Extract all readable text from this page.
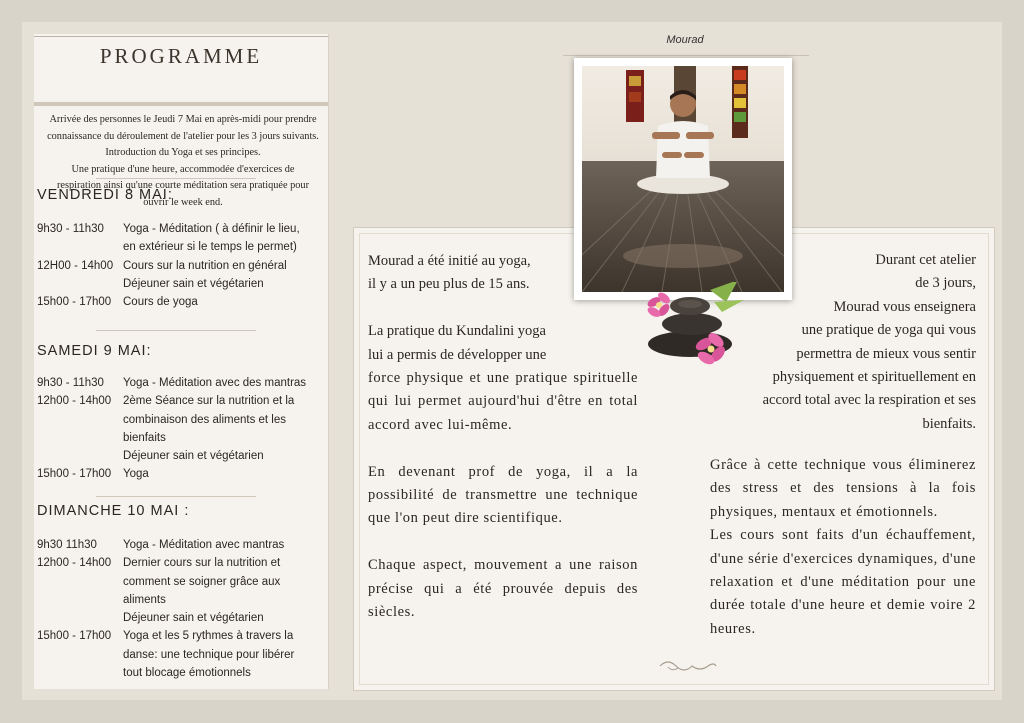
PROGRAMME

Arrivée des personnes le Jeudi 7 Mai en après-midi pour prendre

connaissance du déroulement de l'atelier pour les 3 jours suivants.

Introduction du Yoga et ses principes.

Une pratique d'une heure, accommodée d'exercices de

respiration ainsi qu'une courte méditation sera pratiquée pour

ouvrir le week end.

VENDREDI 8 MAI:
9h30 - 11h30	Yoga - Méditation ( à définir le lieu,
en extérieur si le temps le permet)
12H00 - 14h00 Cours sur la nutrition en général
Déjeuner sain et végétarien
15h00 - 17h00	Cours de yoga
SAMEDI 9 MAI:
9h30 - 11h30	Yoga - Méditation avec des mantras
12h00 - 14h00	2ème Séance sur la nutrition et la
combinaison des aliments et les
bienfaits
Déjeuner sain et végétarien
15h00 - 17h00	Yoga
DIMANCHE 10 MAI :
9h30 11h30	Yoga - Méditation avec mantras
12h00 - 14h00	Dernier cours sur la nutrition et
comment se soigner grâce aux
aliments
Déjeuner sain et végétarien
15h00 - 17h00	Yoga et les 5 rythmes à travers la
danse: une technique pour libérer
tout blocage émotionnels
Mourad

Mourad a été initié au yoga,
il y a un peu plus de 15 ans.

La pratique du Kundalini yoga
lui a permis de développer une
force physique et une pratique spirituelle qui lui permet aujourd'hui d'être en total accord avec lui-même.

En devenant prof de yoga, il a la possibilité de transmettre une technique que l'on peut dire scientifique.

Chaque aspect, mouvement a une raison précise qui a été prouvée depuis des siècles.

Durant cet atelier

de 3 jours,

Mourad vous enseignera

une pratique de yoga qui vous

permettra de mieux vous sentir

physiquement et spirituellement en

accord total avec la respiration et ses

bienfaits.

Grâce à cette technique vous éliminerez des stress et des tensions à la fois physiques, mentaux et émotionnels.

Les cours sont faits d'un échauffement, d'une série d'exercices dynamiques, d'une relaxation et d'une méditation pour une durée totale d'une heure et demie voire 2 heures.
